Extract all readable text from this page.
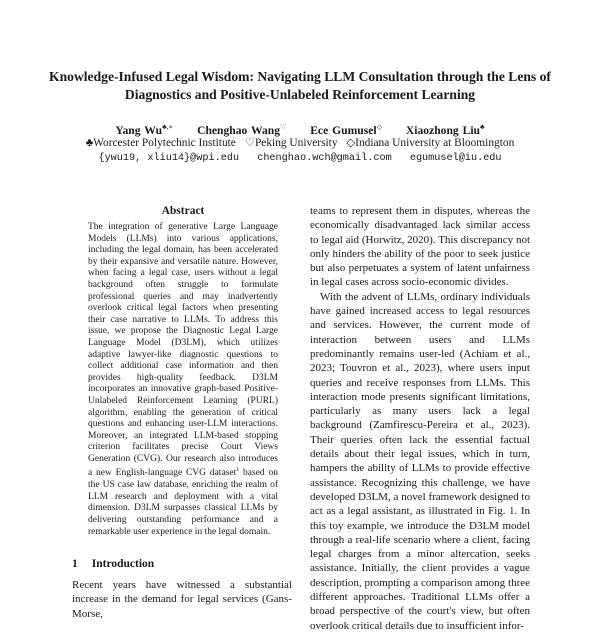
Knowledge-Infused Legal Wisdom: Navigating LLM Consultation through the Lens of Diagnostics and Positive-Unlabeled Reinforcement Learning
Yang Wu♣,∗ Chenghao Wang♡ Ece Gumusel◇ Xiaozhong Liu♣
♣Worcester Polytechnic Institute ♡Peking University ◇Indiana University at Bloomington
{ywu19, xliu14}@wpi.edu chenghao.wch@gmail.com egumusel@iu.edu
Abstract
The integration of generative Large Language Models (LLMs) into various applications, including the legal domain, has been accelerated by their expansive and versatile nature. However, when facing a legal case, users without a legal background often struggle to formulate professional queries and may inadvertently overlook critical legal factors when presenting their case narrative to LLMs. To address this issue, we propose the Diagnostic Legal Large Language Model (D3LM), which utilizes adaptive lawyer-like diagnostic questions to collect additional case information and then provides high-quality feedback. D3LM incorporates an innovative graph-based Positive-Unlabeled Reinforcement Learning (PURL) algorithm, enabling the generation of critical questions and enhancing user-LLM interactions. Moreover, an integrated LLM-based stopping criterion facilitates precise Court Views Generation (CVG). Our research also introduces a new English-language CVG dataset$^1$ based on the US case law database, enriching the realm of LLM research and deployment with a vital dimension. D3LM surpasses classical LLMs by delivering outstanding performance and a remarkable user experience in the legal domain.
1 Introduction
Recent years have witnessed a substantial increase in the demand for legal services (Gans-Morse,

teams to represent them in disputes, whereas the economically disadvantaged lack similar access to legal aid (Horwitz, 2020). This discrepancy not only hinders the ability of the poor to seek justice but also perpetuates a system of latent unfairness in legal cases across socio-economic divides.

With the advent of LLMs, ordinary individuals have gained increased access to legal resources and services. However, the current mode of interaction between users and LLMs predominantly remains user-led (Achiam et al., 2023; Touvron et al., 2023), where users input queries and receive responses from LLMs. This interaction mode presents significant limitations, particularly as many users lack a legal background (Zamfirescu-Pereira et al., 2023). Their queries often lack the essential factual details about their legal issues, which in turn, hampers the ability of LLMs to provide effective assistance. Recognizing this challenge, we have developed D3LM, a novel framework designed to act as a legal assistant, as illustrated in Fig. 1. In this toy example, we introduce the D3LM model through a real-life scenario where a client, facing legal charges from a minor altercation, seeks assistance. Initially, the client provides a vague description, prompting a comparison among three different approaches. Traditional LLMs offer a broad perspective of the court's view, but often overlook critical details due to insufficient infor-
